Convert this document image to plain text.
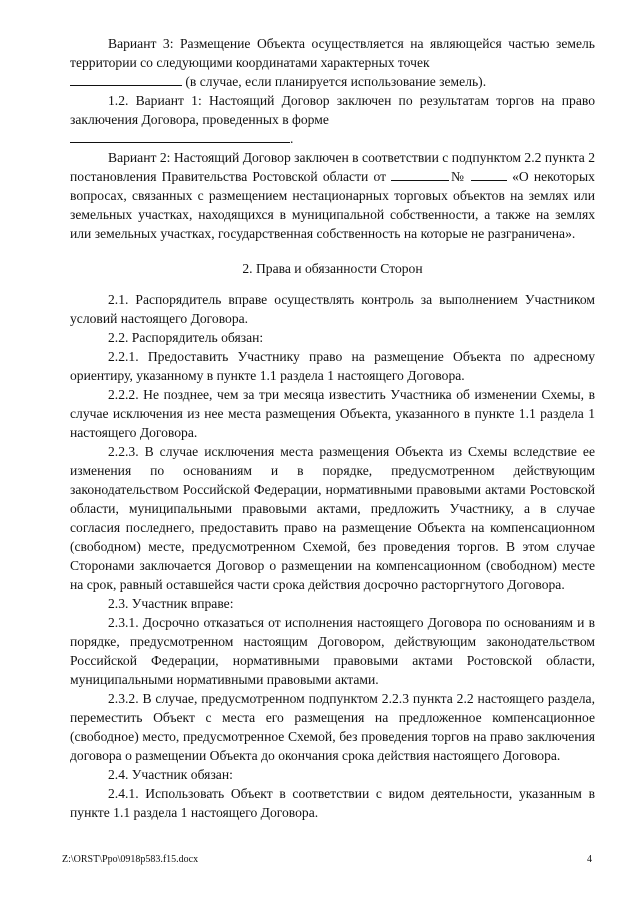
Вариант 3: Размещение Объекта осуществляется на являющейся частью земель территории со следующими координатами характерных точек
(в случае, если планируется использование земель).

1.2. Вариант 1: Настоящий Договор заключен по результатам торгов на право заключения Договора, проведенных в форме
.

Вариант 2: Настоящий Договор заключен в соответствии с подпунктом 2.2 пункта 2 постановления Правительства Ростовской области от	№	«О некоторых вопросах, связанных с размещением нестационарных торговых объектов на землях или земельных участках, находящихся в муниципальной собственности, а также на землях или земельных участках, государственная собственность на которые не разграничена».

2. Права и обязанности Сторон

2.1. Распорядитель вправе осуществлять контроль за выполнением Участником условий настоящего Договора.

2.2. Распорядитель обязан:

2.2.1. Предоставить Участнику право на размещение Объекта по адресному ориентиру, указанному в пункте 1.1 раздела 1 настоящего Договора.

2.2.2. Не позднее, чем за три месяца известить Участника об изменении Схемы, в случае исключения из нее места размещения Объекта, указанного в пункте 1.1 раздела 1 настоящего Договора.

2.2.3. В случае исключения места размещения Объекта из Схемы вследствие ее изменения по основаниям и в порядке, предусмотренном действующим законодательством Российской Федерации, нормативными правовыми актами Ростовской области, муниципальными правовыми актами, предложить Участнику, а в случае согласия последнего, предоставить право на размещение Объекта на компенсационном (свободном) месте, предусмотренном Схемой, без проведения торгов. В этом случае Сторонами заключается Договор о размещении на компенсационном (свободном) месте на срок, равный оставшейся части срока действия досрочно расторгнутого Договора.

2.3. Участник вправе:

2.3.1. Досрочно отказаться от исполнения настоящего Договора по основаниям и в порядке, предусмотренном настоящим Договором, действующим законодательством Российской Федерации, нормативными правовыми актами Ростовской области, муниципальными нормативными правовыми актами.

2.3.2. В случае, предусмотренном подпунктом 2.2.3 пункта 2.2 настоящего раздела, переместить Объект с места его размещения на предложенное компенсационное (свободное) место, предусмотренное Схемой, без проведения торгов на право заключения договора о размещении Объекта до окончания срока действия настоящего Договора.

2.4. Участник обязан:

2.4.1. Использовать Объект в соответствии с видом деятельности, указанным в пункте 1.1 раздела 1 настоящего Договора.

Z:\ORST\Ppo\0918p583.f15.docx	4
